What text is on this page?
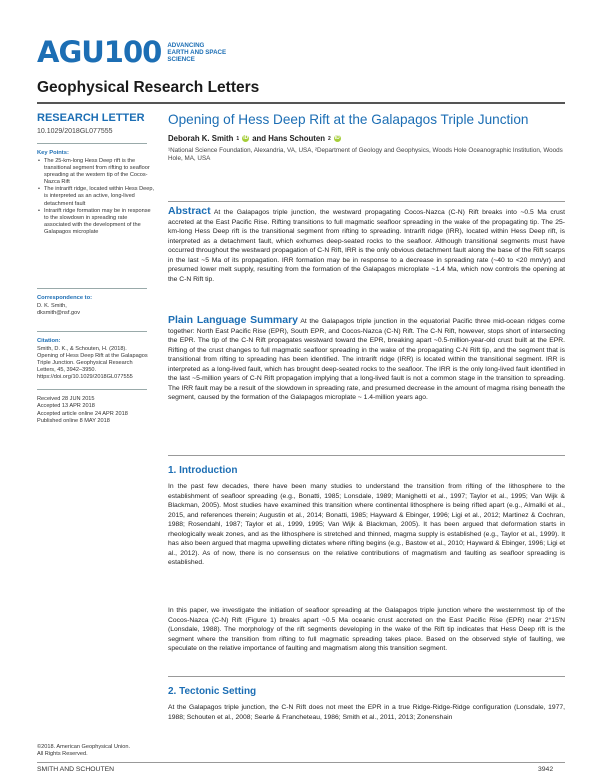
AGU100 ADVANCING EARTH AND SPACE SCIENCE
Geophysical Research Letters
RESEARCH LETTER
10.1029/2018GL077555
Key Points:
• The 25-km-long Hess Deep rift is the transitional segment from rifting to seafloor spreading at the western tip of the Cocos-Nazca Rift
• The intrarift ridge, located within Hess Deep, is interpreted as an active, long-lived detachment fault
• Intrarift ridge formation may be in response to the slowdown in spreading rate associated with the development of the Galapagos microplate
Correspondence to:
D. K. Smith,
dksmith@nsf.gov
Citation:
Smith, D. K., & Schouten, H. (2018). Opening of Hess Deep Rift at the Galapagos Triple Junction. Geophysical Research Letters, 45, 3942–3950. https://doi.org/10.1029/2018GL077555
Received 28 JUN 2015
Accepted 13 APR 2018
Accepted article online 24 APR 2018
Published online 8 MAY 2018
Opening of Hess Deep Rift at the Galapagos Triple Junction
Deborah K. Smith 1 iD and Hans Schouten 2 iD
¹National Science Foundation, Alexandria, VA, USA, ²Department of Geology and Geophysics, Woods Hole Oceanographic Institution, Woods Hole, MA, USA
Abstract At the Galapagos triple junction, the westward propagating Cocos-Nazca (C-N) Rift breaks into ~0.5 Ma crust accreted at the East Pacific Rise. Rifting transitions to full magmatic seafloor spreading in the wake of the propagating tip. The 25-km-long Hess Deep rift is the transitional segment from rifting to spreading. Intrarift ridge (IRR), located within Hess Deep rift, is interpreted as a detachment fault, which exhumes deep-seated rocks to the seafloor. Although transitional segments must have occurred throughout the westward propagation of C-N Rift, IRR is the only obvious detachment fault along the base of the Rift scarps in the last ~5 Ma of its propagation. IRR formation may be in response to a decrease in spreading rate (~40 to <20 mm/yr) and presumed lower melt supply, resulting from the formation of the Galapagos microplate ~1.4 Ma, which now controls the opening at the C-N Rift tip.
Plain Language Summary At the Galapagos triple junction in the equatorial Pacific three mid-ocean ridges come together: North East Pacific Rise (EPR), South EPR, and Cocos-Nazca (C-N) Rift. The C-N Rift, however, stops short of intersecting the EPR. The tip of the C-N Rift propagates westward toward the EPR, breaking apart ~0.5-million-year-old crust built at the EPR. Rifting of the crust changes to full magmatic seafloor spreading in the wake of the propagating C-N Rift tip, and the segment that is transitional from rifting to spreading has been identified. The intrarift ridge (IRR) is located within the transitional segment. IRR is interpreted as a long-lived fault, which has brought deep-seated rocks to the seafloor. The IRR is the only long-lived fault identified in the last ~5-million years of C-N Rift propagation implying that a long-lived fault is not a common stage in the transition to spreading. The IRR fault may be a result of the slowdown in spreading rate, and presumed decrease in the amount of magma rising beneath the segment, caused by the formation of the Galapagos microplate ~ 1.4-million years ago.
1. Introduction
In the past few decades, there have been many studies to understand the transition from rifting of the lithosphere to the establishment of seafloor spreading (e.g., Bonatti, 1985; Lonsdale, 1989; Manighetti et al., 1997; Taylor et al., 1995; Van Wijk & Blackman, 2005). Most studies have examined this transition where continental lithosphere is being rifted apart (e.g., Almalki et al., 2015, and references therein; Augustin et al., 2014; Bonatti, 1985; Hayward & Ebinger, 1996; Ligi et al., 2012; Martinez & Cochran, 1988; Rosendahl, 1987; Taylor et al., 1999, 1995; Van Wijk & Blackman, 2005). It has been argued that deformation starts in rheologically weak zones, and as the lithosphere is stretched and thinned, magma supply is established (e.g., Taylor et al., 1999). It has also been argued that magma upwelling dictates where rifting begins (e.g., Bastow et al., 2010; Hayward & Ebinger, 1996; Ligi et al., 2012). As of now, there is no consensus on the relative contributions of magmatism and faulting as seafloor spreading is established.
In this paper, we investigate the initiation of seafloor spreading at the Galapagos triple junction where the westernmost tip of the Cocos-Nazca (C-N) Rift (Figure 1) breaks apart ~0.5 Ma oceanic crust accreted on the East Pacific Rise (EPR) near 2°15'N (Lonsdale, 1988). The morphology of the rift segments developing in the wake of the Rift tip indicates that Hess Deep rift is the segment where the transition from rifting to full magmatic spreading takes place. Based on the observed style of faulting, we speculate on the relative importance of faulting and magmatism along this transition segment.
2. Tectonic Setting
At the Galapagos triple junction, the C-N Rift does not meet the EPR in a true Ridge-Ridge-Ridge configuration (Lonsdale, 1977, 1988; Schouten et al., 2008; Searle & Francheteau, 1986; Smith et al., 2011, 2013; Zonenshain
©2018. American Geophysical Union.
All Rights Reserved.
SMITH AND SCHOUTEN	3942
